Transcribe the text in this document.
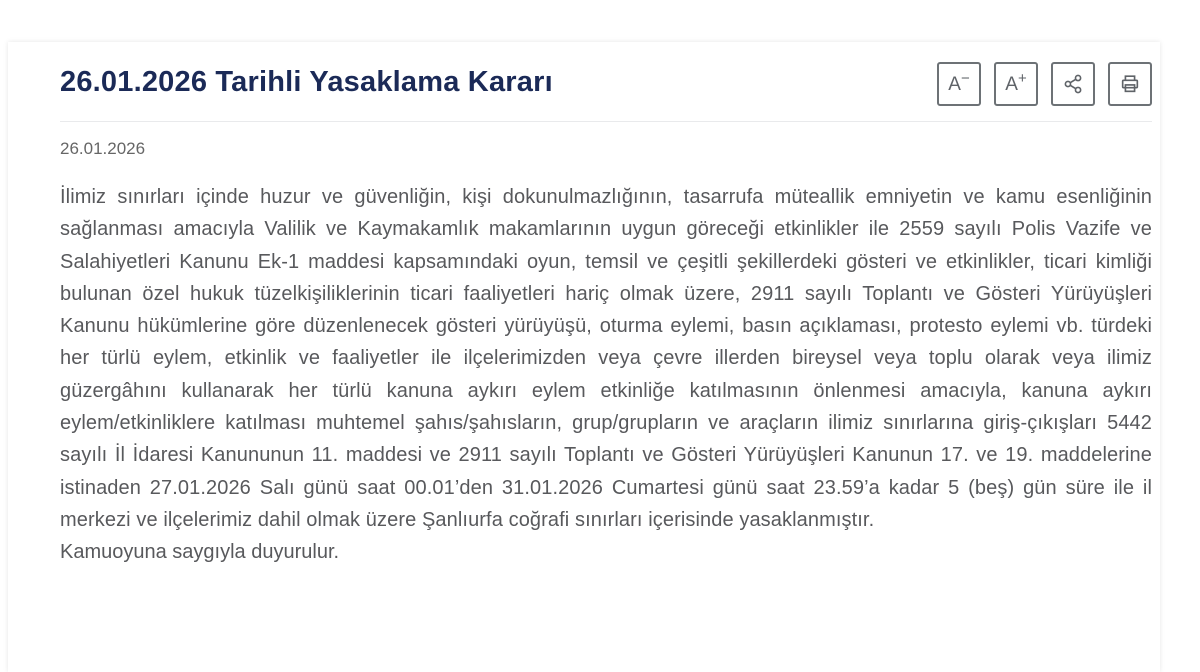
26.01.2026 Tarihli Yasaklama Kararı	A − A +
26.01.2026

İlimiz sınırları içinde huzur ve güvenliğin, kişi dokunulmazlığının, tasarrufa müteallik emniyetin ve kamu esenliğinin sağlanması amacıyla Valilik ve Kaymakamlık makamlarının uygun göreceği etkinlikler ile 2559 sayılı Polis Vazife ve Salahiyetleri Kanunu Ek-1 maddesi kapsamındaki oyun, temsil ve çeşitli şekillerdeki gösteri ve etkinlikler, ticari kimliği bulunan özel hukuk tüzelkişiliklerinin ticari faaliyetleri hariç olmak üzere, 2911 sayılı Toplantı ve Gösteri Yürüyüşleri Kanunu hükümlerine göre düzenlenecek gösteri yürüyüşü, oturma eylemi, basın açıklaması, protesto eylemi vb. türdeki her türlü eylem, etkinlik ve faaliyetler ile ilçelerimizden veya çevre illerden bireysel veya toplu olarak veya ilimiz güzergâhını kullanarak her türlü kanuna aykırı eylem etkinliğe katılmasının önlenmesi amacıyla, kanuna aykırı eylem/etkinliklere katılması muhtemel şahıs/şahısların, grup/grupların ve araçların ilimiz sınırlarına giriş-çıkışları 5442 sayılı İl İdaresi Kanununun 11. maddesi ve 2911 sayılı Toplantı ve Gösteri Yürüyüşleri Kanunun 17. ve 19. maddelerine istinaden 27.01.2026 Salı günü saat 00.01’den 31.01.2026 Cumartesi günü saat 23.59’a kadar 5 (beş) gün süre ile il merkezi ve ilçelerimiz dahil olmak üzere Şanlıurfa coğrafi sınırları içerisinde yasaklanmıştır.

Kamuoyuna saygıyla duyurulur.
